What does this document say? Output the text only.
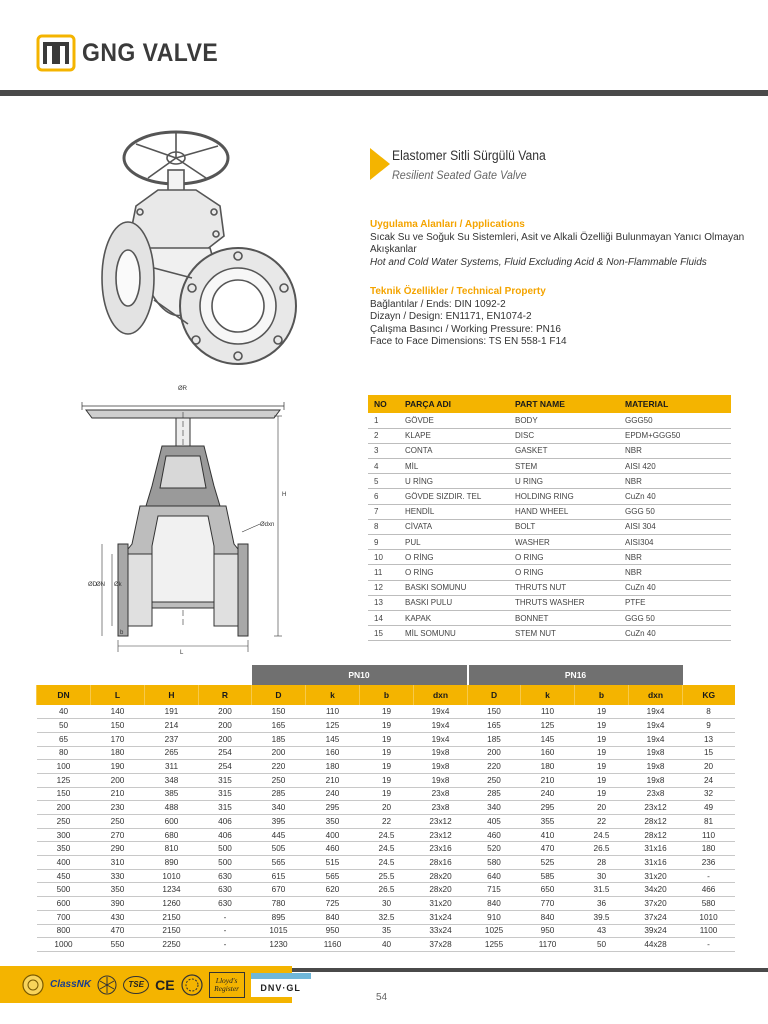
GNG VALVE
Elastomer Sitli Sürgülü Vana
Resilient Seated Gate Valve
Uygulama Alanları / Applications
Sıcak Su ve Soğuk Su Sistemleri, Asit ve Alkali Özelliği Bulunmayan Yanıcı Olmayan Akışkanlar
Hot and Cold Water Systems, Fluid Excluding Acid & Non-Flammable Fluids
Teknik Özellikler / Technical Property
Bağlantılar / Ends: DIN 1092-2
Dizayn / Design: EN1171, EN1074-2
Çalışma Basıncı / Working Pressure: PN16
Face to Face Dimensions: TS EN 558-1 F14
ØR
H
Ødxn
ØD ØN Øk
b
L
NO	PARÇA ADI	PART NAME	MATERIAL
1	GÖVDE	BODY	GGG50
2	KLAPE	DISC	EPDM+GGG50
3	CONTA	GASKET	NBR
4	MİL	STEM	AISI 420
5	U RİNG	U RING	NBR
6	GÖVDE SIZDIR. TEL	HOLDING RING	CuZn 40
7	HENDİL	HAND WHEEL	GGG 50
8	CİVATA	BOLT	AISI 304
9	PUL	WASHER	AISI304
10	O RİNG	O RING	NBR
11	O RİNG	O RING	NBR
12	BASKI SOMUNU	THRUTS NUT	CuZn 40
13	BASKI PULU	THRUTS WASHER	PTFE
14	KAPAK	BONNET	GGG 50
15	MİL SOMUNU	STEM NUT	CuZn 40
				PN10				PN16				
DN	L	H	R	D	k	b	dxn	D	k	b	dxn	KG
40	140	191	200	150	110	19	19x4	150	110	19	19x4	8
50	150	214	200	165	125	19	19x4	165	125	19	19x4	9
65	170	237	200	185	145	19	19x4	185	145	19	19x4	13
80	180	265	254	200	160	19	19x8	200	160	19	19x8	15
100	190	311	254	220	180	19	19x8	220	180	19	19x8	20
125	200	348	315	250	210	19	19x8	250	210	19	19x8	24
150	210	385	315	285	240	19	23x8	285	240	19	23x8	32
200	230	488	315	340	295	20	23x8	340	295	20	23x12	49
250	250	600	406	395	350	22	23x12	405	355	22	28x12	81
300	270	680	406	445	400	24.5	23x12	460	410	24.5	28x12	110
350	290	810	500	505	460	24.5	23x16	520	470	26.5	31x16	180
400	310	890	500	565	515	24.5	28x16	580	525	28	31x16	236
450	330	1010	630	615	565	25.5	28x20	640	585	30	31x20	-
500	350	1234	630	670	620	26.5	28x20	715	650	31.5	34x20	466
600	390	1260	630	780	725	30	31x20	840	770	36	37x20	580
700	430	2150	-	895	840	32.5	31x24	910	840	39.5	37x24	1010
800	470	2150	-	1015	950	35	33x24	1025	950	43	39x24	1100
1000	550	2250	-	1230	1160	40	37x28	1255	1170	50	44x28	-
ClassNK	TSE CE	Lloyd's Register	DNV·GL
54
